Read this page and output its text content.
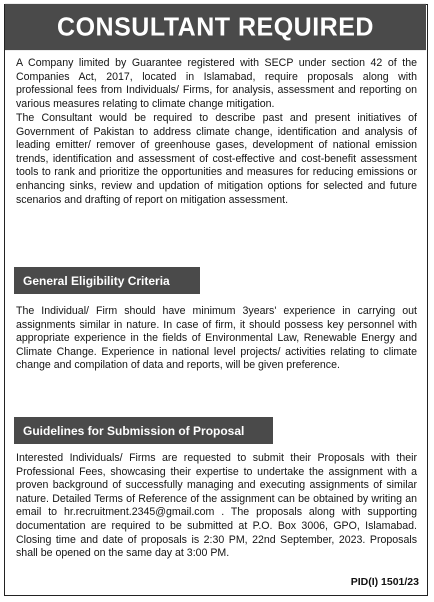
CONSULTANT REQUIRED

A Company limited by Guarantee registered with SECP under section 42 of the Companies Act, 2017, located in Islamabad, require proposals along with professional fees from Individuals/ Firms, for analysis, assessment and reporting on various measures relating to climate change mitigation.

The Consultant would be required to describe past and present initiatives of Government of Pakistan to address climate change, identification and analysis of leading emitter/ remover of greenhouse gases, development of national emission trends, identification and assessment of cost-effective and cost-benefit assessment tools to rank and prioritize the opportunities and measures for reducing emissions or enhancing sinks, review and updation of mitigation options for selected and future scenarios and drafting of report on mitigation assessment.

General Eligibility Criteria

The Individual/ Firm should have minimum 3years' experience in carrying out assignments similar in nature. In case of firm, it should possess key personnel with appropriate experience in the fields of Environmental Law, Renewable Energy and Climate Change. Experience in national level projects/ activities relating to climate change and compilation of data and reports, will be given preference.

Guidelines for Submission of Proposal

Interested Individuals/ Firms are requested to submit their Proposals with their Professional Fees, showcasing their expertise to undertake the assignment with a proven background of successfully managing and executing assignments of similar nature. Detailed Terms of Reference of the assignment can be obtained by writing an email to hr.recruitment.2345@gmail.com . The proposals along with supporting documentation are required to be submitted at P.O. Box 3006, GPO, Islamabad. Closing time and date of proposals is 2:30 PM, 22nd September, 2023. Proposals shall be opened on the same day at 3:00 PM.

PID(I) 1501/23
